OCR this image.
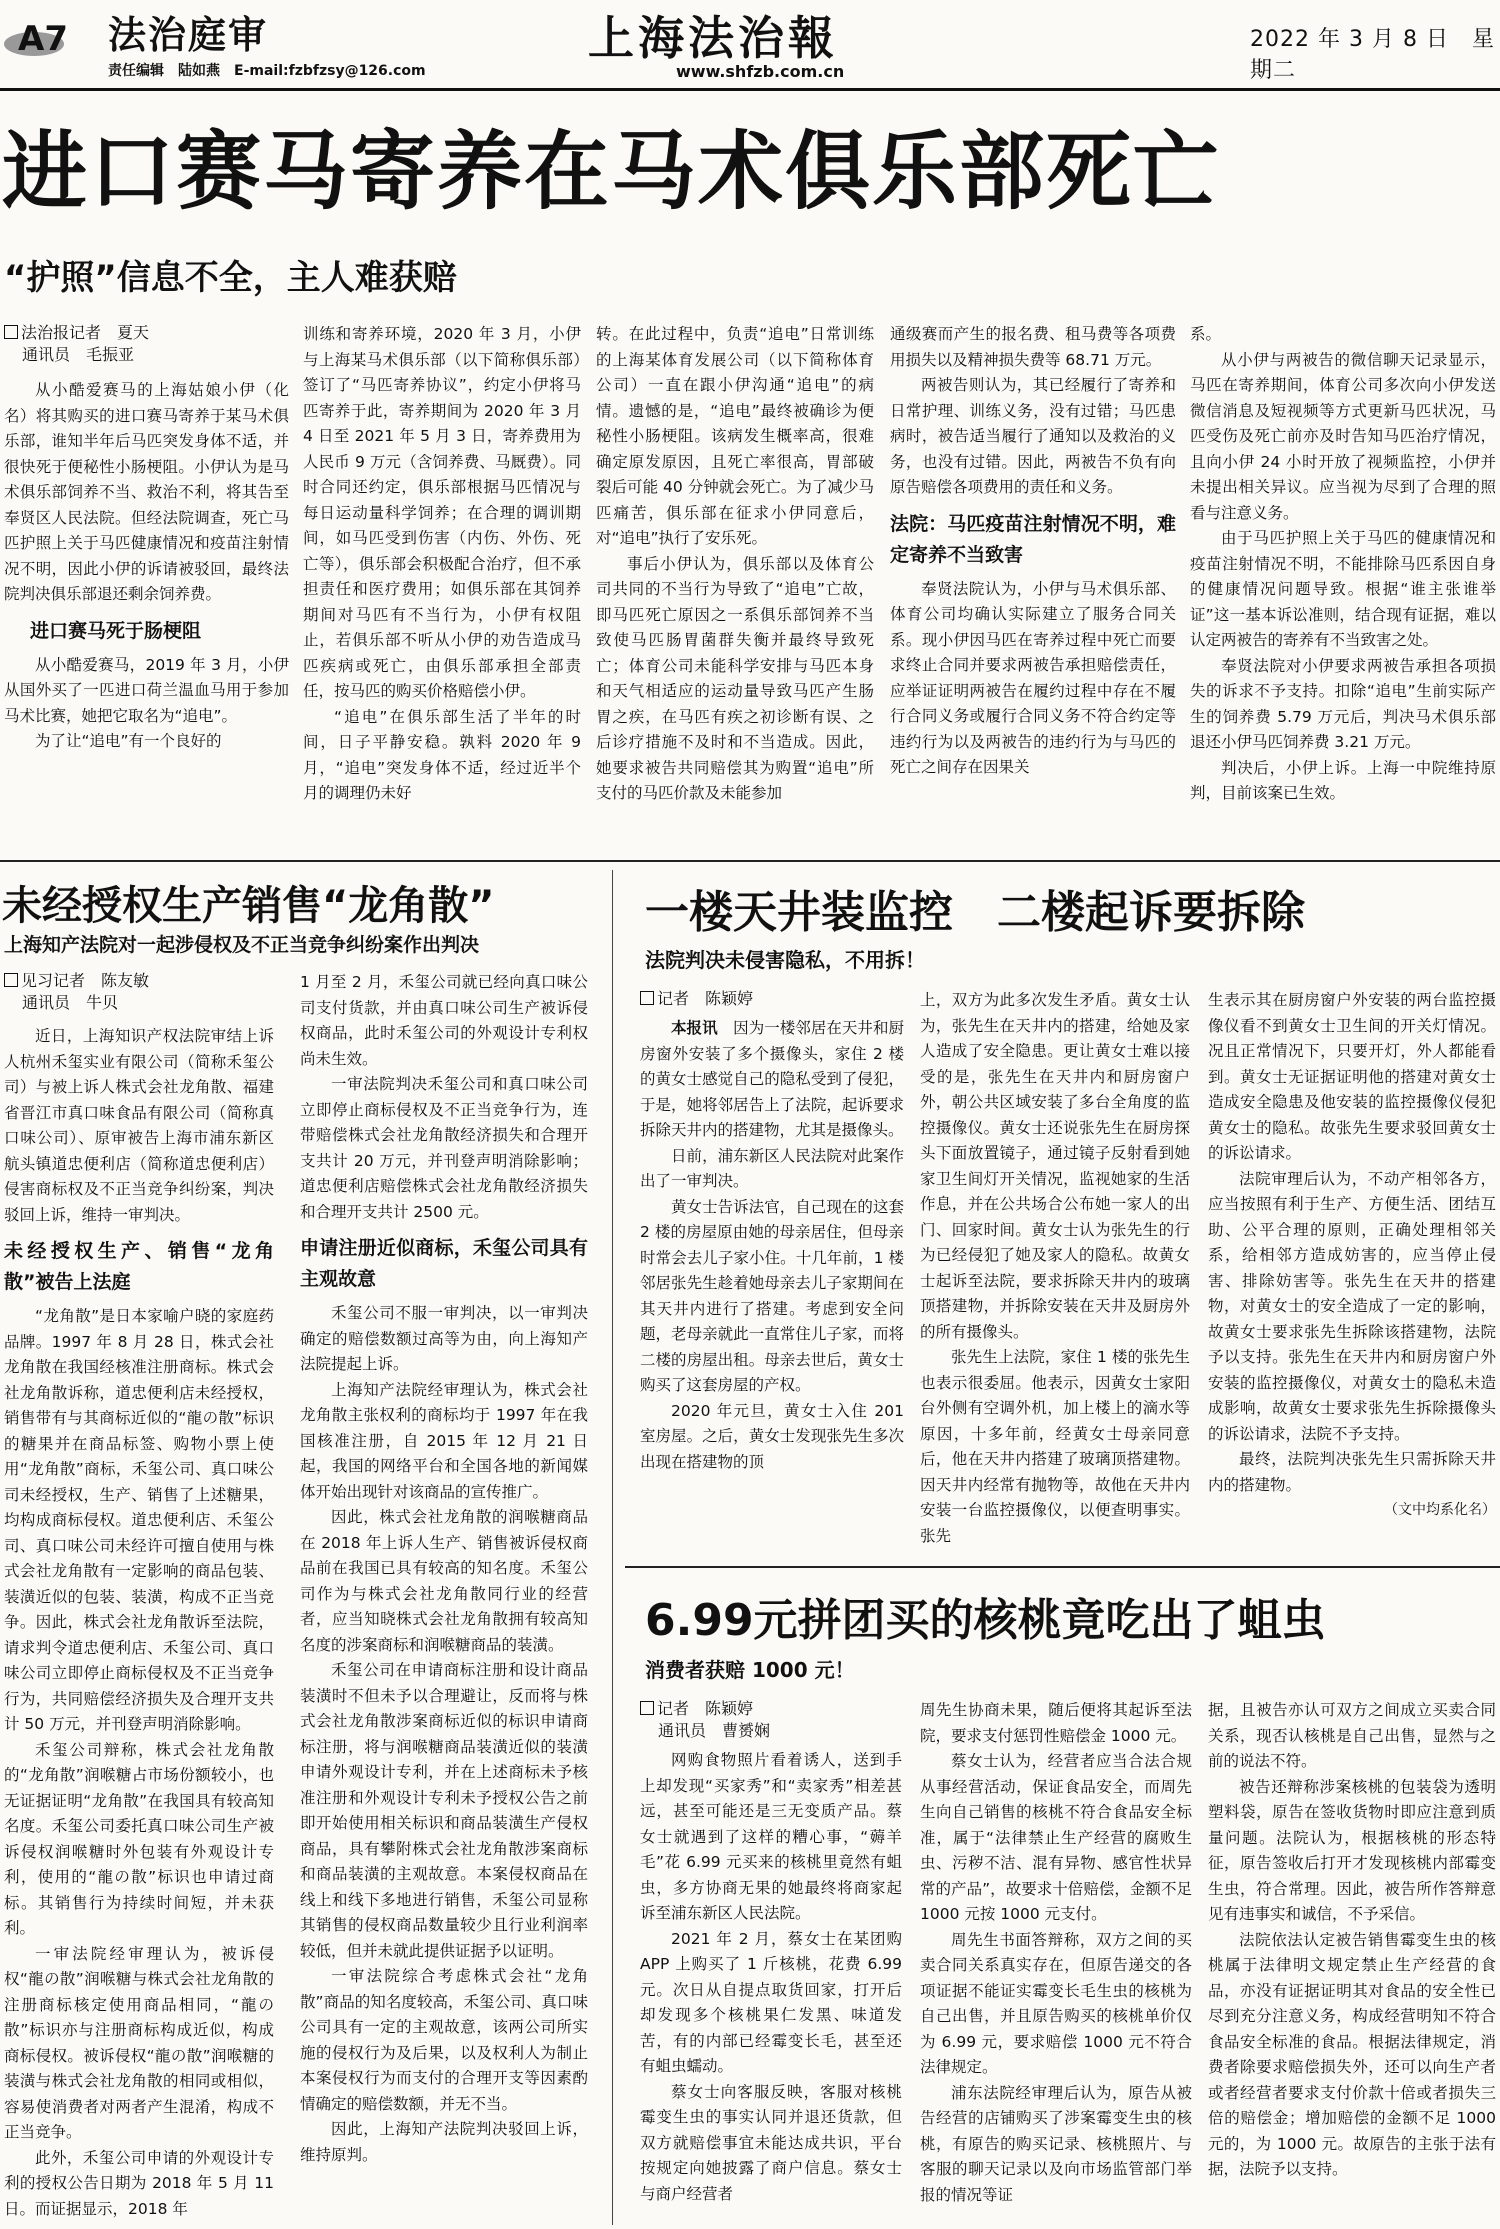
A7 法治庭审
责任编辑　陆如燕　E-mail:fzbfzsy@126.com
上海法治報
www.shfzb.com.cn
2022 年 3 月 8 日　星期二
进口赛马寄养在马术俱乐部死亡
“护照”信息不全，主人难获赔
法治报记者　夏天
通讯员　毛振亚

从小酷爱赛马的上海姑娘小伊（化名）将其购买的进口赛马寄养于某马术俱乐部，谁知半年后马匹突发身体不适，并很快死于便秘性小肠梗阻。小伊认为是马术俱乐部饲养不当、救治不利，将其告至奉贤区人民法院。但经法院调查，死亡马匹护照上关于马匹健康情况和疫苗注射情况不明，因此小伊的诉请被驳回，最终法院判决俱乐部退还剩余饲养费。

进口赛马死于肠梗阻

从小酷爱赛马，2019 年 3 月，小伊从国外买了一匹进口荷兰温血马用于参加马术比赛，她把它取名为“追电”。

为了让“追电”有一个良好的

训练和寄养环境，2020 年 3 月，小伊与上海某马术俱乐部（以下简称俱乐部）签订了“马匹寄养协议”，约定小伊将马匹寄养于此，寄养期间为 2020 年 3 月 4 日至 2021 年 5 月 3 日，寄养费用为人民币 9 万元（含饲养费、马厩费）。同时合同还约定，俱乐部根据马匹情况与每日运动量科学饲养；在合理的调训期间，如马匹受到伤害（内伤、外伤、死亡等），俱乐部会积极配合治疗，但不承担责任和医疗费用；如俱乐部在其饲养期间对马匹有不当行为，小伊有权阻止，若俱乐部不听从小伊的劝告造成马匹疾病或死亡，由俱乐部承担全部责任，按马匹的购买价格赔偿小伊。

“追电”在俱乐部生活了半年的时间，日子平静安稳。孰料 2020 年 9 月，“追电”突发身体不适，经过近半个月的调理仍未好

转。在此过程中，负责“追电”日常训练的上海某体育发展公司（以下简称体育公司）一直在跟小伊沟通“追电”的病情。遗憾的是，“追电”最终被确诊为便秘性小肠梗阻。该病发生概率高，很难确定原发原因，且死亡率很高，胃部破裂后可能 40 分钟就会死亡。为了减少马匹痛苦，俱乐部在征求小伊同意后，对“追电”执行了安乐死。

事后小伊认为，俱乐部以及体育公司共同的不当行为导致了“追电”亡故，即马匹死亡原因之一系俱乐部饲养不当致使马匹肠胃菌群失衡并最终导致死亡；体育公司未能科学安排与马匹本身和天气相适应的运动量导致马匹产生肠胃之疾，在马匹有疾之初诊断有误、之后诊疗措施不及时和不当造成。因此，她要求被告共同赔偿其为购置“追电”所支付的马匹价款及未能参加

通级赛而产生的报名费、租马费等各项费用损失以及精神损失费等 68.71 万元。

两被告则认为，其已经履行了寄养和日常护理、训练义务，没有过错；马匹患病时，被告适当履行了通知以及救治的义务，也没有过错。因此，两被告不负有向原告赔偿各项费用的责任和义务。

法院：马匹疫苗注射情况不明，难定寄养不当致害

奉贤法院认为，小伊与马术俱乐部、体育公司均确认实际建立了服务合同关系。现小伊因马匹在寄养过程中死亡而要求终止合同并要求两被告承担赔偿责任，应举证证明两被告在履约过程中存在不履行合同义务或履行合同义务不符合约定等违约行为以及两被告的违约行为与马匹的死亡之间存在因果关

系。

从小伊与两被告的微信聊天记录显示，马匹在寄养期间，体育公司多次向小伊发送微信消息及短视频等方式更新马匹状况，马匹受伤及死亡前亦及时告知马匹治疗情况，且向小伊 24 小时开放了视频监控，小伊并未提出相关异议。应当视为尽到了合理的照看与注意义务。

由于马匹护照上关于马匹的健康情况和疫苗注射情况不明，不能排除马匹系因自身的健康情况问题导致。根据“谁主张谁举证”这一基本诉讼准则，结合现有证据，难以认定两被告的寄养有不当致害之处。

奉贤法院对小伊要求两被告承担各项损失的诉求不予支持。扣除“追电”生前实际产生的饲养费 5.79 万元后，判决马术俱乐部退还小伊马匹饲养费 3.21 万元。

判决后，小伊上诉。上海一中院维持原判，目前该案已生效。

未经授权生产销售“龙角散”
上海知产法院对一起涉侵权及不正当竞争纠纷案作出判决
见习记者　陈友敏
通讯员　牛贝

近日，上海知识产权法院审结上诉人杭州禾玺实业有限公司（简称禾玺公司）与被上诉人株式会社龙角散、福建省晋江市真口味食品有限公司（简称真口味公司）、原审被告上海市浦东新区航头镇道忠便利店（简称道忠便利店）侵害商标权及不正当竞争纠纷案，判决驳回上诉，维持一审判决。

未经授权生产、销售“龙角散”被告上法庭

“龙角散”是日本家喻户晓的家庭药品牌。1997 年 8 月 28 日，株式会社龙角散在我国经核准注册商标。株式会社龙角散诉称，道忠便利店未经授权，销售带有与其商标近似的“龍の散”标识的糖果并在商品标签、购物小票上使用“龙角散”商标，禾玺公司、真口味公司未经授权，生产、销售了上述糖果，均构成商标侵权。道忠便利店、禾玺公司、真口味公司未经许可擅自使用与株式会社龙角散有一定影响的商品包装、装潢近似的包装、装潢，构成不正当竞争。因此，株式会社龙角散诉至法院，请求判令道忠便利店、禾玺公司、真口味公司立即停止商标侵权及不正当竞争行为，共同赔偿经济损失及合理开支共计 50 万元，并刊登声明消除影响。

禾玺公司辩称，株式会社龙角散的“龙角散”润喉糖占市场份额较小，也无证据证明“龙角散”在我国具有较高知名度。禾玺公司委托真口味公司生产被诉侵权润喉糖时外包装有外观设计专利，使用的“龍の散”标识也申请过商标。其销售行为持续时间短，并未获利。

一审法院经审理认为，被诉侵权“龍の散”润喉糖与株式会社龙角散的注册商标核定使用商品相同，“龍の散”标识亦与注册商标构成近似，构成商标侵权。被诉侵权“龍の散”润喉糖的装潢与株式会社龙角散的相同或相似，容易使消费者对两者产生混淆，构成不正当竞争。

此外，禾玺公司申请的外观设计专利的授权公告日期为 2018 年 5 月 11 日。而证据显示，2018 年

1 月至 2 月，禾玺公司就已经向真口味公司支付货款，并由真口味公司生产被诉侵权商品，此时禾玺公司的外观设计专利权尚未生效。

一审法院判决禾玺公司和真口味公司立即停止商标侵权及不正当竞争行为，连带赔偿株式会社龙角散经济损失和合理开支共计 20 万元，并刊登声明消除影响；道忠便利店赔偿株式会社龙角散经济损失和合理开支共计 2500 元。

申请注册近似商标，禾玺公司具有主观故意

禾玺公司不服一审判决，以一审判决确定的赔偿数额过高等为由，向上海知产法院提起上诉。

上海知产法院经审理认为，株式会社龙角散主张权利的商标均于 1997 年在我国核准注册，自 2015 年 12 月 21 日起，我国的网络平台和全国各地的新闻媒体开始出现针对该商品的宣传推广。

因此，株式会社龙角散的润喉糖商品在 2018 年上诉人生产、销售被诉侵权商品前在我国已具有较高的知名度。禾玺公司作为与株式会社龙角散同行业的经营者，应当知晓株式会社龙角散拥有较高知名度的涉案商标和润喉糖商品的装潢。

禾玺公司在申请商标注册和设计商品装潢时不但未予以合理避让，反而将与株式会社龙角散涉案商标近似的标识申请商标注册，将与润喉糖商品装潢近似的装潢申请外观设计专利，并在上述商标未予核准注册和外观设计专利未予授权公告之前即开始使用相关标识和商品装潢生产侵权商品，具有攀附株式会社龙角散涉案商标和商品装潢的主观故意。本案侵权商品在线上和线下多地进行销售，禾玺公司显称其销售的侵权商品数量较少且行业利润率较低，但并未就此提供证据予以证明。

一审法院综合考虑株式会社“龙角散”商品的知名度较高，禾玺公司、真口味公司具有一定的主观故意，该两公司所实施的侵权行为及后果，以及权利人为制止本案侵权行为而支付的合理开支等因素酌情确定的赔偿数额，并无不当。

因此，上海知产法院判决驳回上诉，维持原判。

一楼天井装监控　二楼起诉要拆除
法院判决未侵害隐私，不用拆！
记者　陈颖婷

本报讯　 因为一楼邻居在天井和厨房窗外安装了多个摄像头，家住 2 楼的黄女士感觉自己的隐私受到了侵犯，于是，她将邻居告上了法院，起诉要求拆除天井内的搭建物，尤其是摄像头。

日前，浦东新区人民法院对此案作出了一审判决。

黄女士告诉法官，自己现在的这套 2 楼的房屋原由她的母亲居住，但母亲时常会去儿子家小住。十几年前，1 楼邻居张先生趁着她母亲去儿子家期间在其天井内进行了搭建。考虑到安全问题，老母亲就此一直常住儿子家，而将二楼的房屋出租。母亲去世后，黄女士购买了这套房屋的产权。

2020 年元旦，黄女士入住 201 室房屋。之后，黄女士发现张先生多次出现在搭建物的顶

上，双方为此多次发生矛盾。黄女士认为，张先生在天井内的搭建，给她及家人造成了安全隐患。更让黄女士难以接受的是，张先生在天井内和厨房窗户外，朝公共区域安装了多台全角度的监控摄像仪。黄女士还说张先生在厨房探头下面放置镜子，通过镜子反射看到她家卫生间灯开关情况，监视她家的生活作息，并在公共场合公布她一家人的出门、回家时间。黄女士认为张先生的行为已经侵犯了她及家人的隐私。故黄女士起诉至法院，要求拆除天井内的玻璃顶搭建物，并拆除安装在天井及厨房外的所有摄像头。

张先生上法院，家住 1 楼的张先生也表示很委屈。他表示，因黄女士家阳台外侧有空调外机，加上楼上的滴水等原因，十多年前，经黄女士母亲同意后，他在天井内搭建了玻璃顶搭建物。因天井内经常有抛物等，故他在天井内安装一台监控摄像仪，以便查明事实。张先

生表示其在厨房窗户外安装的两台监控摄像仪看不到黄女士卫生间的开关灯情况。况且正常情况下，只要开灯，外人都能看到。黄女士无证据证明他的搭建对黄女士造成安全隐患及他安装的监控摄像仪侵犯黄女士的隐私。故张先生要求驳回黄女士的诉讼请求。

法院审理后认为，不动产相邻各方，应当按照有利于生产、方便生活、团结互助、公平合理的原则，正确处理相邻关系，给相邻方造成妨害的，应当停止侵害、排除妨害等。张先生在天井的搭建物，对黄女士的安全造成了一定的影响，故黄女士要求张先生拆除该搭建物，法院予以支持。张先生在天井内和厨房窗户外安装的监控摄像仪，对黄女士的隐私未造成影响，故黄女士要求张先生拆除摄像头的诉讼请求，法院不予支持。

最终，法院判决张先生只需拆除天井内的搭建物。

（文中均系化名）
6.99元拼团买的核桃竟吃出了蛆虫
消费者获赔 1000 元！
记者　陈颖婷
通讯员　曹赟娴

网购食物照片看着诱人，送到手上却发现“买家秀”和“卖家秀”相差甚远，甚至可能还是三无变质产品。蔡女士就遇到了这样的糟心事，“薅羊毛”花 6.99 元买来的核桃里竟然有蛆虫，多方协商无果的她最终将商家起诉至浦东新区人民法院。

2021 年 2 月，蔡女士在某团购 APP 上购买了 1 斤核桃，花费 6.99 元。次日从自提点取货回家，打开后却发现多个核桃果仁发黑、味道发苦，有的内部已经霉变长毛，甚至还有蛆虫蠕动。

蔡女士向客服反映，客服对核桃霉变生虫的事实认同并退还货款，但双方就赔偿事宜未能达成共识，平台按规定向她披露了商户信息。蔡女士与商户经营者

周先生协商未果，随后便将其起诉至法院，要求支付惩罚性赔偿金 1000 元。

蔡女士认为，经营者应当合法合规从事经营活动，保证食品安全，而周先生向自己销售的核桃不符合食品安全标准，属于“法律禁止生产经营的腐败生虫、污秽不洁、混有异物、感官性状异常的产品”，故要求十倍赔偿，金额不足 1000 元按 1000 元支付。

周先生书面答辩称，双方之间的买卖合同关系真实存在，但原告递交的各项证据不能证实霉变长毛生虫的核桃为自己出售，并且原告购买的核桃单价仅为 6.99 元，要求赔偿 1000 元不符合法律规定。

浦东法院经审理后认为，原告从被告经营的店铺购买了涉案霉变生虫的核桃，有原告的购买记录、核桃照片、与客服的聊天记录以及向市场监管部门举报的情况等证

据，且被告亦认可双方之间成立买卖合同关系，现否认核桃是自己出售，显然与之前的说法不符。

被告还辩称涉案核桃的包装袋为透明塑料袋，原告在签收货物时即应注意到质量问题。法院认为，根据核桃的形态特征，原告签收后打开才发现核桃内部霉变生虫，符合常理。因此，被告所作答辩意见有违事实和诚信，不予采信。

法院依法认定被告销售霉变生虫的核桃属于法律明文规定禁止生产经营的食品，亦没有证据证明其对食品的安全性已尽到充分注意义务，构成经营明知不符合食品安全标准的食品。根据法律规定，消费者除要求赔偿损失外，还可以向生产者或者经营者要求支付价款十倍或者损失三倍的赔偿金；增加赔偿的金额不足 1000 元的，为 1000 元。故原告的主张于法有据，法院予以支持。
